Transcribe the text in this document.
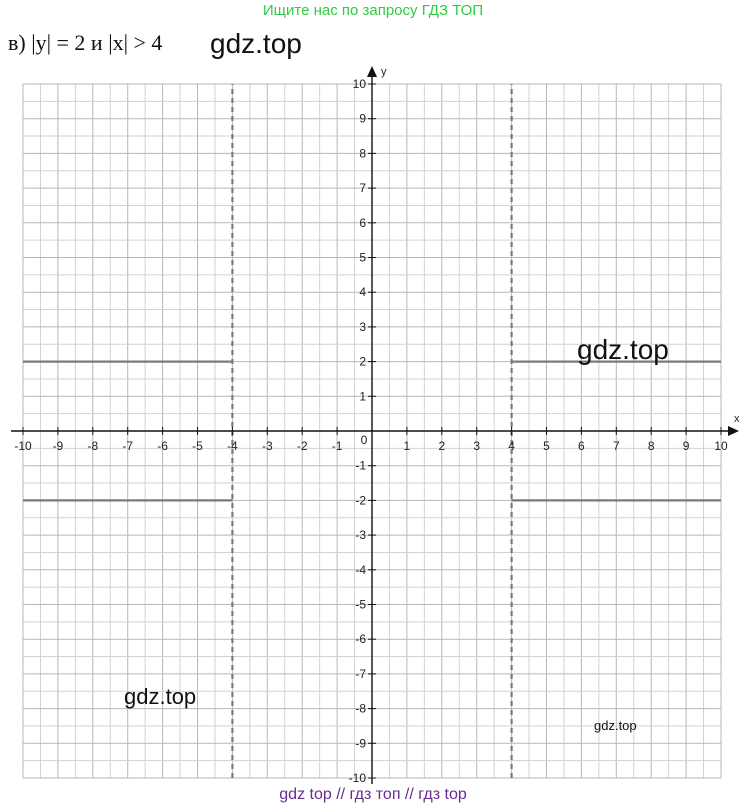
x
y
-10 -9 -8 -7 -6 -5 -4 -3 -2 -1	1 2 3 4 5 6 7 8 9 10
-10
-9
-8
-7
-6
-5
-4
-3
-2
-1
1
2
3
4
5
6
7
8
9
10
0
Ищите нас по запросу ГДЗ ТОП
в) |y| = 2 и |x| > 4 gdz.top
gdz.top
gdz.top
gdz.top
gdz top // гдз топ // гдз top
